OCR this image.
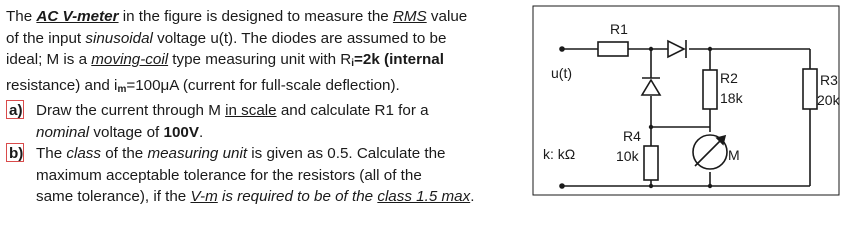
The AC V-meter in the figure is designed to measure the RMS value
of the input sinusoidal voltage u(t). The diodes are assumed to be
ideal; M is a moving-coil type measuring unit with $R_i=2k$ (internal
resistance) and $i_m=100\mu A$ (current for full-scale deflection).
a) Draw the current through M in scale and calculate R1 for a
nominal voltage of 100V.
b) The class of the measuring unit is given as 0.5. Calculate the
maximum acceptable tolerance for the resistors (all of the
same tolerance), if the V-m is required to be of the class 1.5 max.
R1
u(t)	R2
18k
R3
20k
R4
10k
k: kΩ	M
